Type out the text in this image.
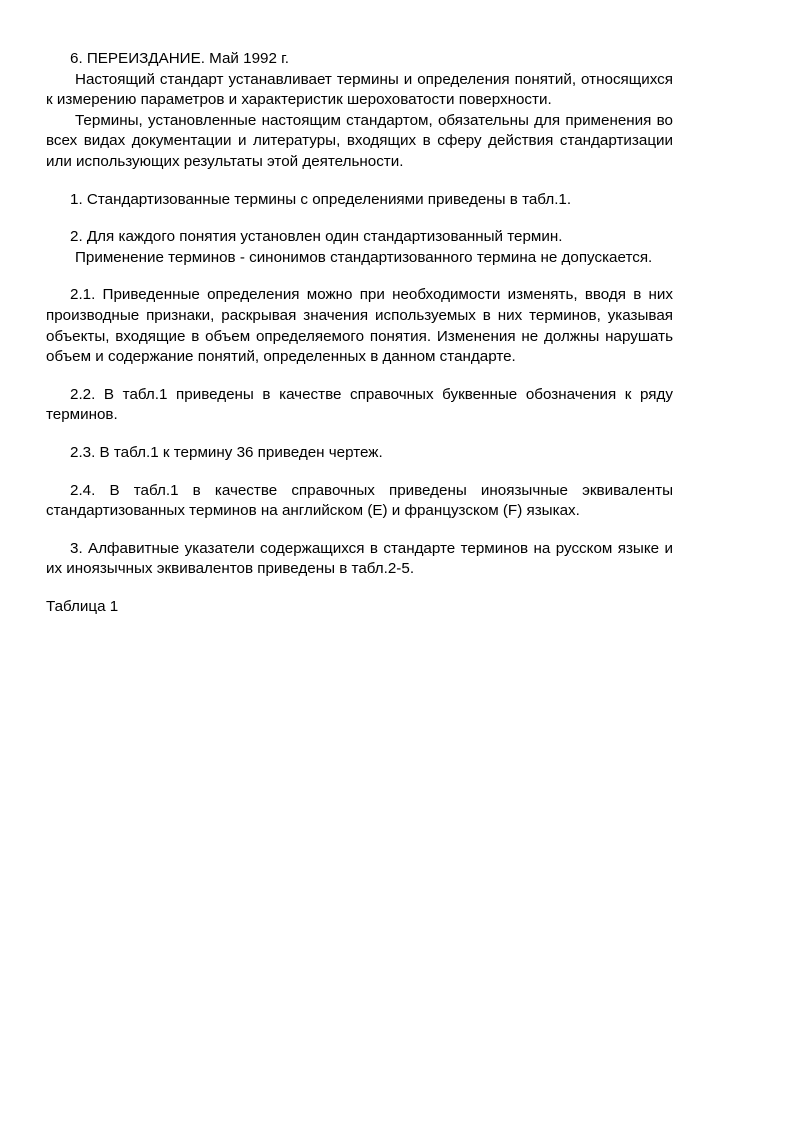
6. ПЕРЕИЗДАНИЕ. Май 1992 г.

Настоящий стандарт устанавливает термины и определения понятий, относящихся к измерению параметров и характеристик шероховатости поверхности.

Термины, установленные настоящим стандартом, обязательны для применения во всех видах документации и литературы, входящих в сферу действия стандартизации или использующих результаты этой деятельности.

1. Стандартизованные термины с определениями приведены в табл.1.

2. Для каждого понятия установлен один стандартизованный термин.

Применение терминов - синонимов стандартизованного термина не допускается.

2.1. Приведенные определения можно при необходимости изменять, вводя в них производные признаки, раскрывая значения используемых в них терминов, указывая объекты, входящие в объем определяемого понятия. Изменения не должны нарушать объем и содержание понятий, определенных в данном стандарте.

2.2. В табл.1 приведены в качестве справочных буквенные обозначения к ряду терминов.

2.3. В табл.1 к термину 36 приведен чертеж.

2.4. В табл.1 в качестве справочных приведены иноязычные эквиваленты стандартизованных терминов на английском (Е) и французском (F) языках.

3. Алфавитные указатели содержащихся в стандарте терминов на русском языке и их иноязычных эквивалентов приведены в табл.2-5.

Таблица 1
